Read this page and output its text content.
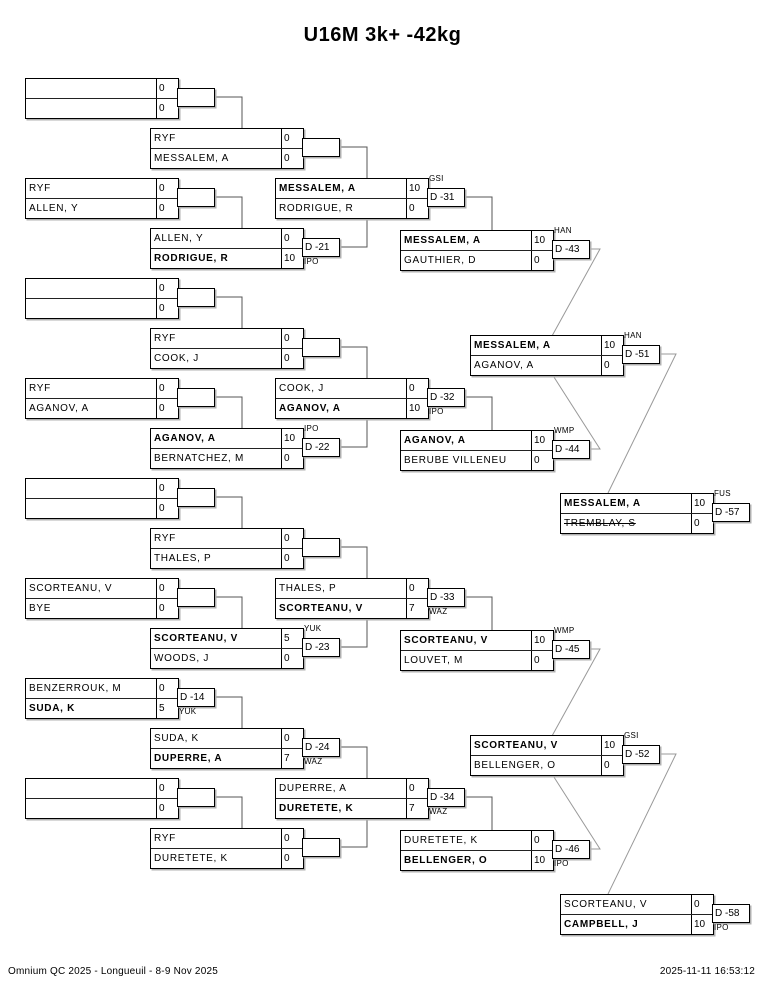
U16M 3k+ -42kg
0
0
RYF	0
MESSALEM, A	0
RYF	0
ALLEN, Y	0
ALLEN, Y	0
RODRIGUE, R	10
D -21
IPO
MESSALEM, A	10
RODRIGUE, R	0
D -31
GSI
MESSALEM, A	10
GAUTHIER, D	0
D -43
HAN
0
0
RYF	0
COOK, J	0
RYF	0
AGANOV, A	0
AGANOV, A	10
BERNATCHEZ, M	0
D -22
IPO
COOK, J	0
AGANOV, A	10
D -32
IPO
AGANOV, A	10
BERUBE VILLENEU	0
D -44
WMP
MESSALEM, A	10
AGANOV, A	0
D -51
HAN
0
0
RYF	0
THALES, P	0
SCORTEANU, V	0
BYE	0
SCORTEANU, V	5
WOODS, J	0
D -23
YUK
THALES, P	0
SCORTEANU, V	7
D -33
WAZ
SCORTEANU, V	10
LOUVET, M	0
D -45
WMP
SCORTEANU, V	10
BELLENGER, O	0
D -52
GSI
BENZERROUK, M	0
SUDA, K	5
D -14
YUK
SUDA, K	0
DUPERRE, A	7
D -24
WAZ
0
0
RYF	0
DURETETE, K	0
DUPERRE, A	0
DURETETE, K	7
D -34
WAZ
DURETETE, K	0
BELLENGER, O	10
D -46
IPO
MESSALEM, A	10
TREMBLAY, S	0
D -57
FUS
SCORTEANU, V	0
CAMPBELL, J	10
D -58
IPO
Omnium QC 2025 - Longueuil - 8-9 Nov 2025	2025-11-11 16:53:12
